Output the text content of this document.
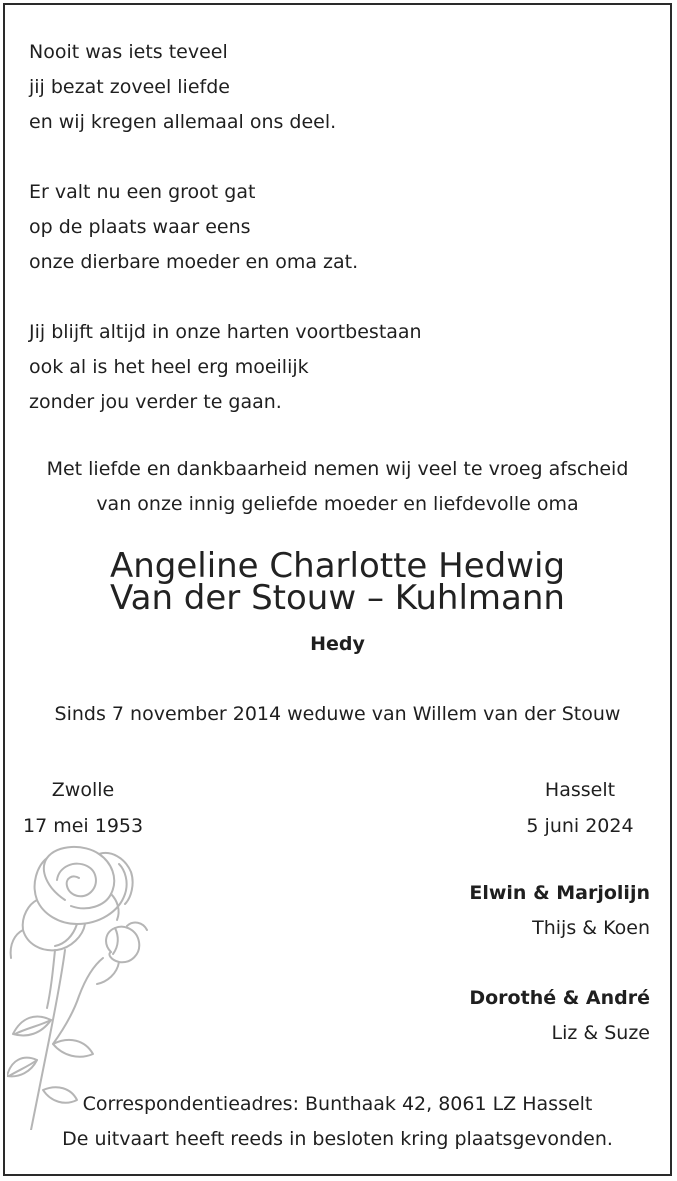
Nooit was iets teveel
jij bezat zoveel liefde
en wij kregen allemaal ons deel.
Er valt nu een groot gat
op de plaats waar eens
onze dierbare moeder en oma zat.
Jij blijft altijd in onze harten voortbestaan
ook al is het heel erg moeilijk
zonder jou verder te gaan.
Met liefde en dankbaarheid nemen wij veel te vroeg afscheid
van onze innig geliefde moeder en liefdevolle oma
Angeline Charlotte Hedwig
Van der Stouw – Kuhlmann
Hedy
Sinds 7 november 2014 weduwe van Willem van der Stouw
Zwolle
17 mei 1953
Hasselt
5 juni 2024
Elwin & Marjolijn
Thijs & Koen
Dorothé & André
Liz & Suze
Correspondentieadres: Bunthaak 42, 8061 LZ Hasselt
De uitvaart heeft reeds in besloten kring plaatsgevonden.
